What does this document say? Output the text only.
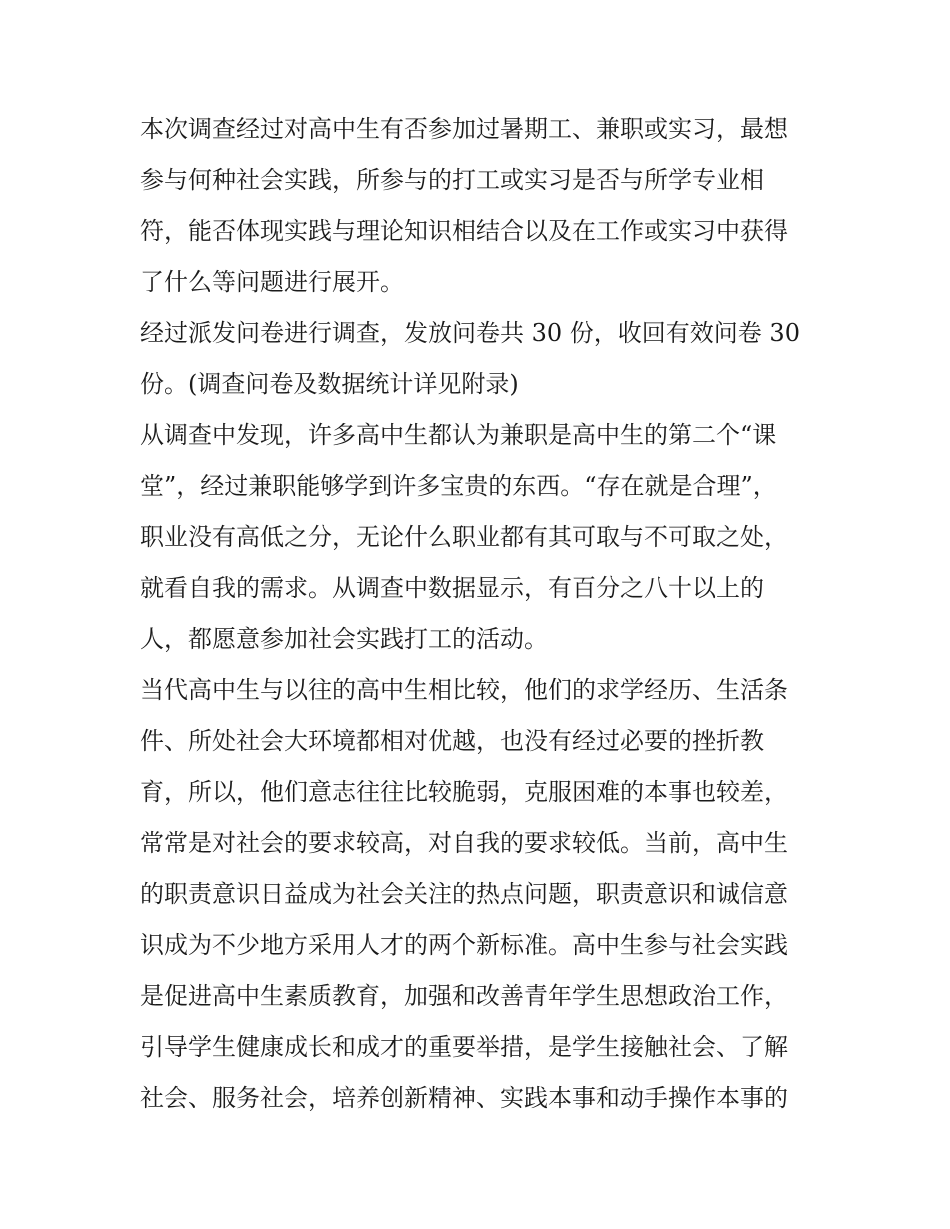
本次调查经过对高中生有否参加过暑期工、兼职或实习，最想
参与何种社会实践，所参与的打工或实习是否与所学专业相
符，能否体现实践与理论知识相结合以及在工作或实习中获得
了什么等问题进行展开。

经过派发问卷进行调查，发放问卷共 30 份，收回有效问卷 30
份。(调查问卷及数据统计详见附录)

从调查中发现，许多高中生都认为兼职是高中生的第二个“课
堂”，经过兼职能够学到许多宝贵的东西。“存在就是合理”，
职业没有高低之分，无论什么职业都有其可取与不可取之处，
就看自我的需求。从调查中数据显示，有百分之八十以上的
人，都愿意参加社会实践打工的活动。

当代高中生与以往的高中生相比较，他们的求学经历、生活条
件、所处社会大环境都相对优越，也没有经过必要的挫折教
育，所以，他们意志往往比较脆弱，克服困难的本事也较差，
常常是对社会的要求较高，对自我的要求较低。当前，高中生
的职责意识日益成为社会关注的热点问题，职责意识和诚信意
识成为不少地方采用人才的两个新标准。高中生参与社会实践
是促进高中生素质教育，加强和改善青年学生思想政治工作，
引导学生健康成长和成才的重要举措，是学生接触社会、了解
社会、服务社会，培养创新精神、实践本事和动手操作本事的
